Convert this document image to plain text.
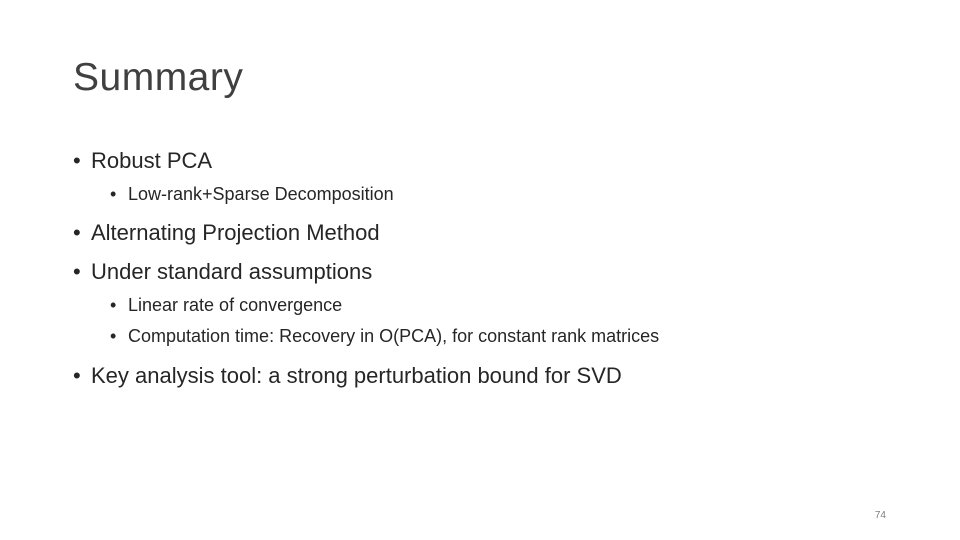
Summary
• Robust PCA
• Low-rank+Sparse Decomposition
• Alternating Projection Method
• Under standard assumptions
• Linear rate of convergence
• Computation time: Recovery in O(PCA), for constant rank matrices
• Key analysis tool: a strong perturbation bound for SVD
74
